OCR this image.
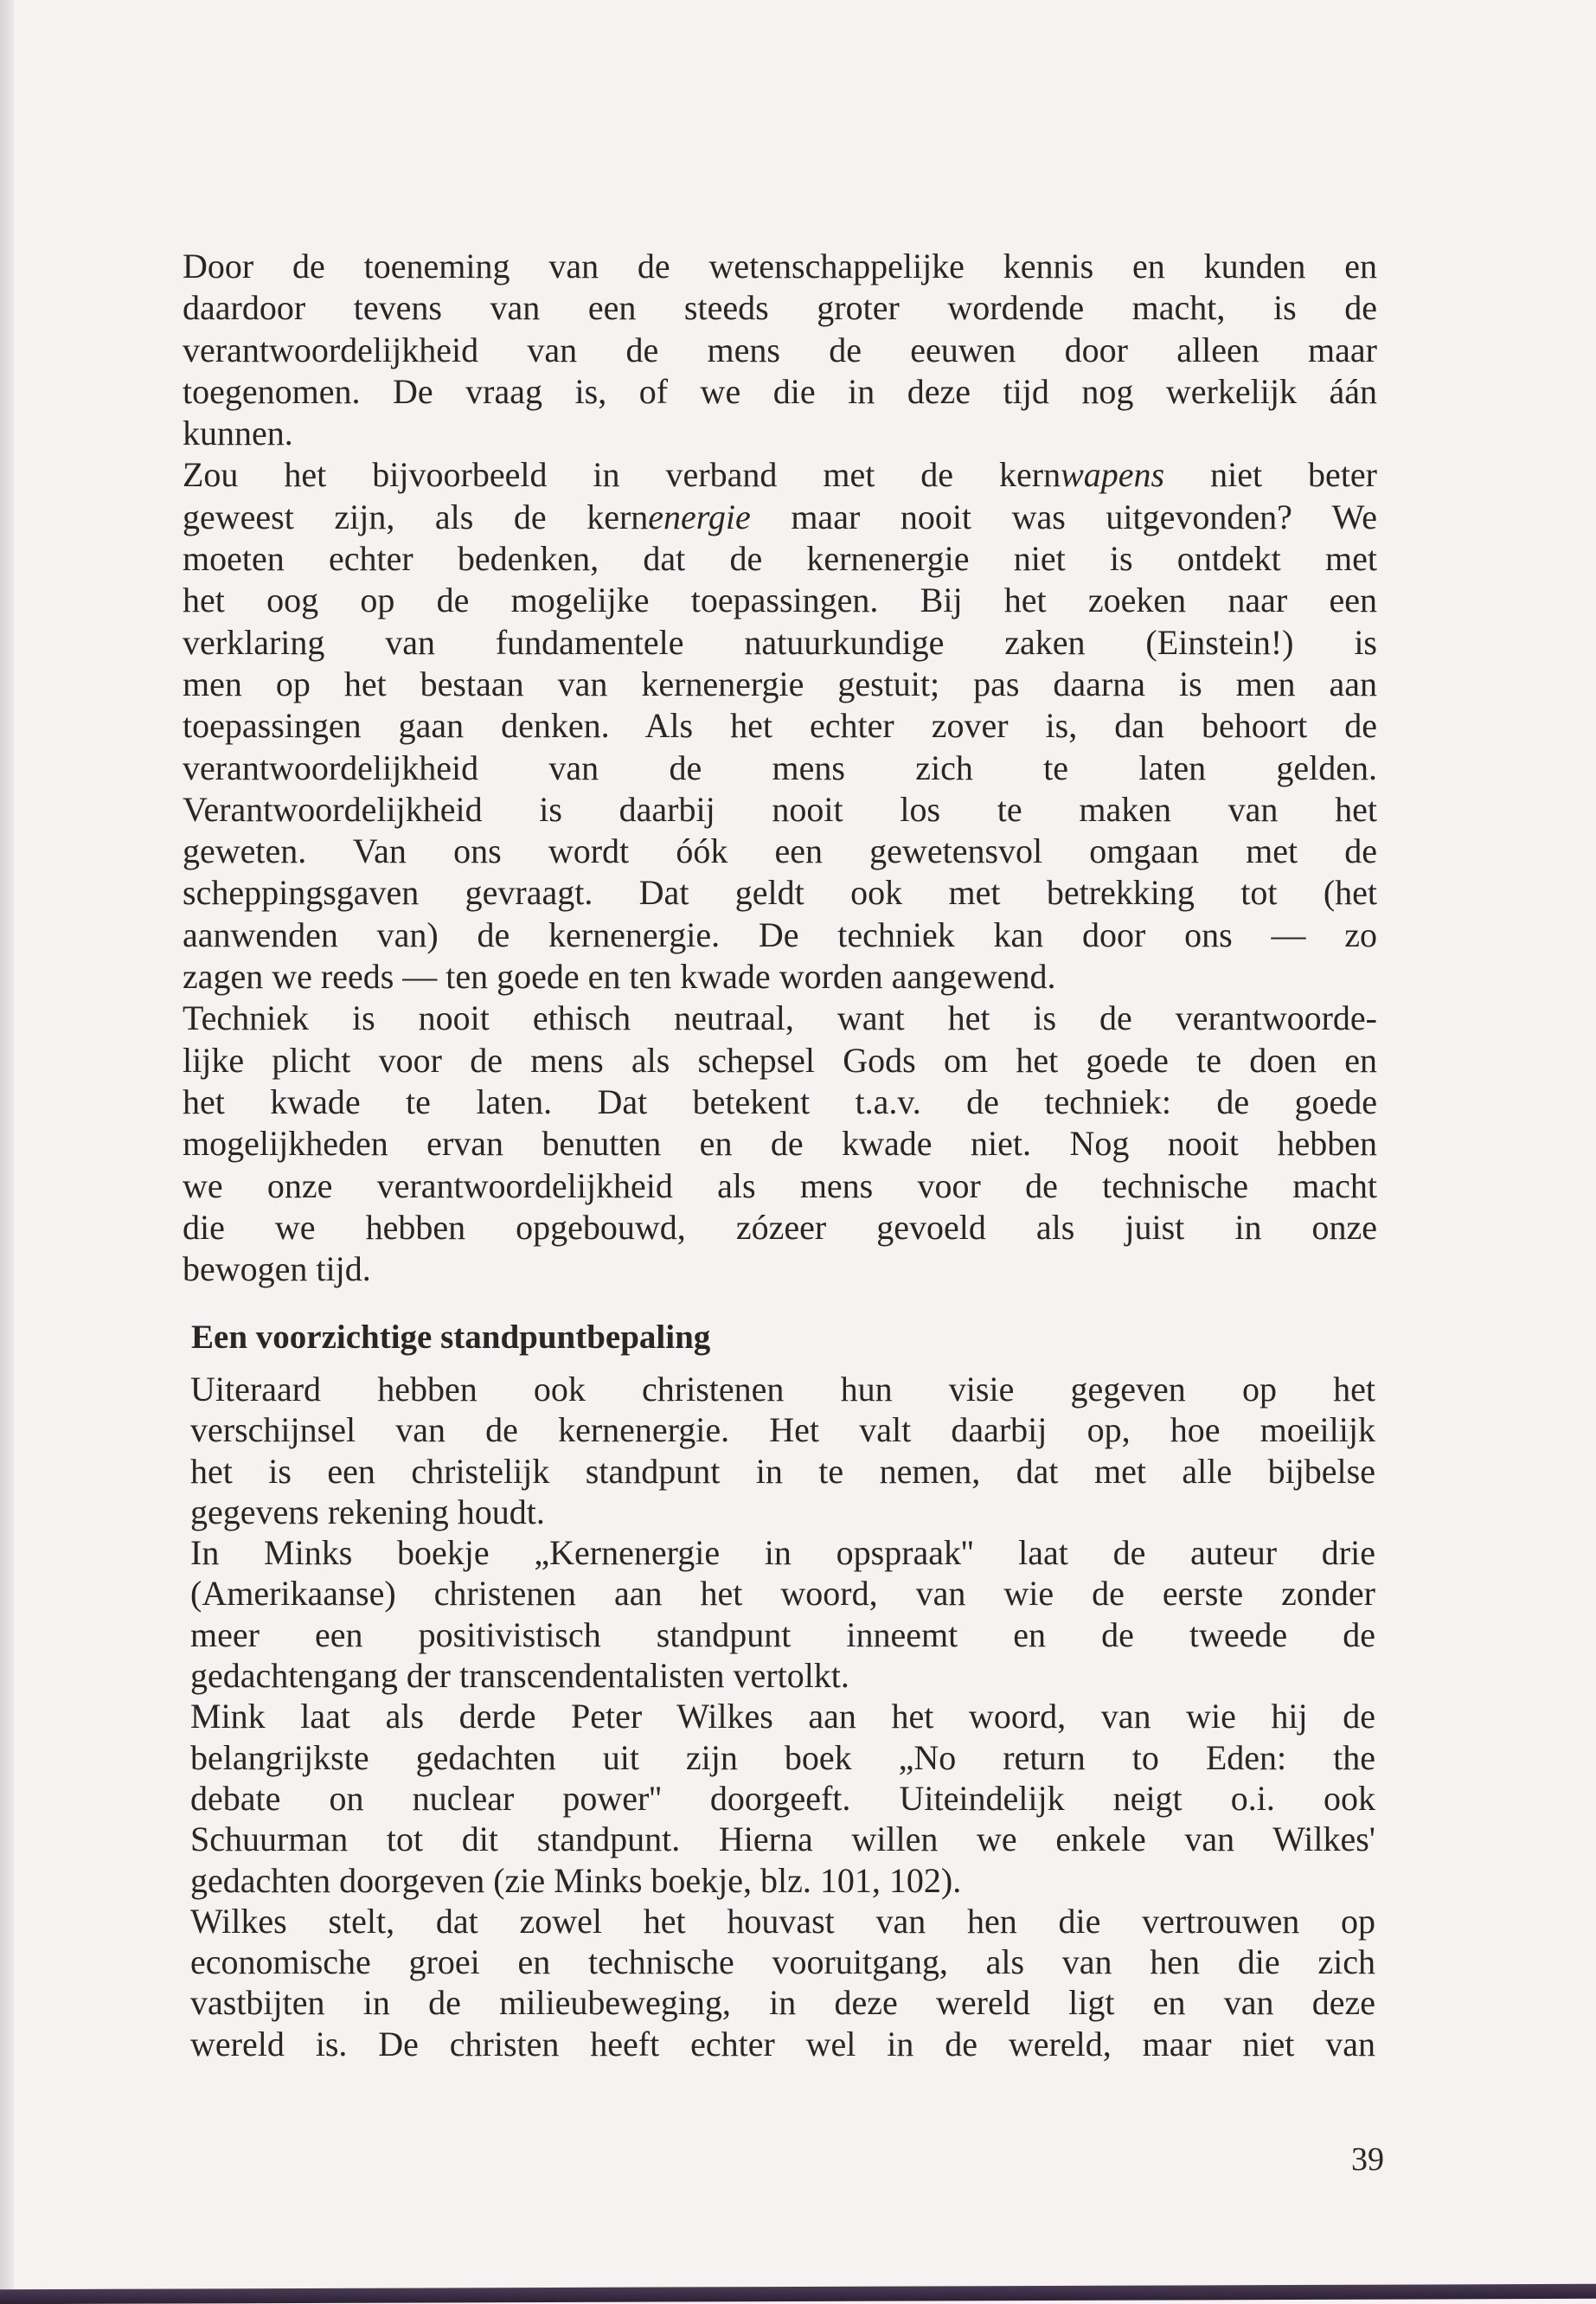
Door de toeneming van de wetenschappelijke kennis en kunden en
daardoor tevens van een steeds groter wordende macht, is de
verantwoordelijkheid van de mens de eeuwen door alleen maar
toegenomen. De vraag is, of we die in deze tijd nog werkelijk áán
kunnen.
Zou het bijvoorbeeld in verband met de kernwapens niet beter
geweest zijn, als de kernenergie maar nooit was uitgevonden? We
moeten echter bedenken, dat de kernenergie niet is ontdekt met
het oog op de mogelijke toepassingen. Bij het zoeken naar een
verklaring van fundamentele natuurkundige zaken (Einstein!) is
men op het bestaan van kernenergie gestuit; pas daarna is men aan
toepassingen gaan denken. Als het echter zover is, dan behoort de
verantwoordelijkheid van de mens zich te laten gelden.
Verantwoordelijkheid is daarbij nooit los te maken van het
geweten. Van ons wordt óók een gewetensvol omgaan met de
scheppingsgaven gevraagt. Dat geldt ook met betrekking tot (het
aanwenden van) de kernenergie. De techniek kan door ons — zo
zagen we reeds — ten goede en ten kwade worden aangewend.
Techniek is nooit ethisch neutraal, want het is de verantwoorde-
lijke plicht voor de mens als schepsel Gods om het goede te doen en
het kwade te laten. Dat betekent t.a.v. de techniek: de goede
mogelijkheden ervan benutten en de kwade niet. Nog nooit hebben
we onze verantwoordelijkheid als mens voor de technische macht
die we hebben opgebouwd, zózeer gevoeld als juist in onze
bewogen tijd.
Een voorzichtige standpuntbepaling
Uiteraard hebben ook christenen hun visie gegeven op het
verschijnsel van de kernenergie. Het valt daarbij op, hoe moeilijk
het is een christelijk standpunt in te nemen, dat met alle bijbelse
gegevens rekening houdt.
In Minks boekje „Kernenergie in opspraak'' laat de auteur drie
(Amerikaanse) christenen aan het woord, van wie de eerste zonder
meer een positivistisch standpunt inneemt en de tweede de
gedachtengang der transcendentalisten vertolkt.
Mink laat als derde Peter Wilkes aan het woord, van wie hij de
belangrijkste gedachten uit zijn boek „No return to Eden: the
debate on nuclear power'' doorgeeft. Uiteindelijk neigt o.i. ook
Schuurman tot dit standpunt. Hierna willen we enkele van Wilkes'
gedachten doorgeven (zie Minks boekje, blz. 101, 102).
Wilkes stelt, dat zowel het houvast van hen die vertrouwen op
economische groei en technische vooruitgang, als van hen die zich
vastbijten in de milieubeweging, in deze wereld ligt en van deze
wereld is. De christen heeft echter wel in de wereld, maar niet van
39
